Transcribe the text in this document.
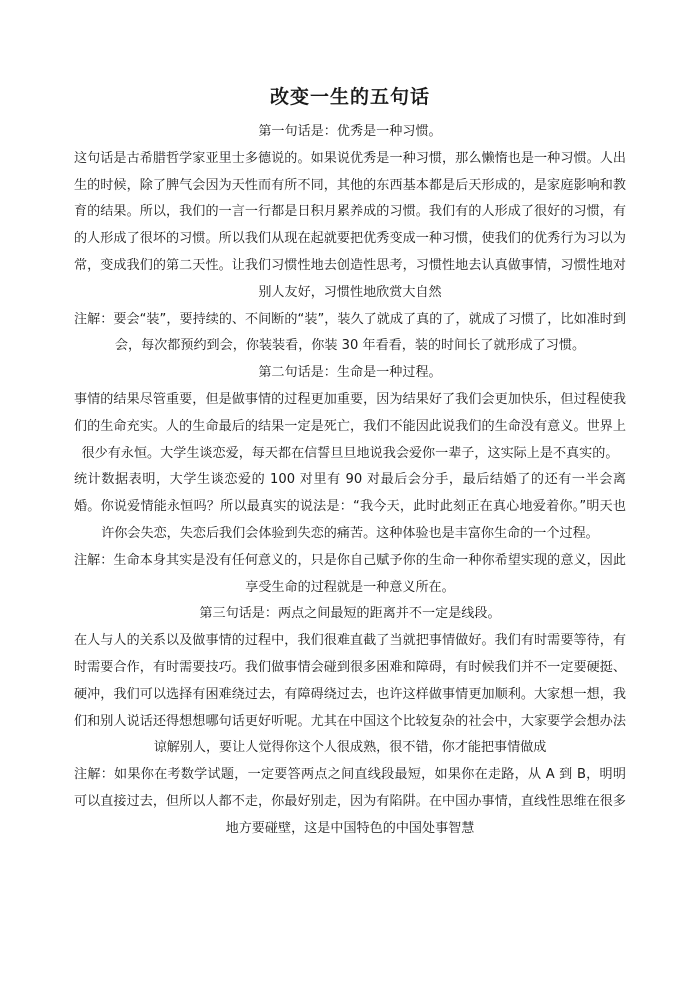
改变一生的五句话
第一句话是：优秀是一种习惯。
这句话是古希腊哲学家亚里士多德说的。如果说优秀是一种习惯，那么懒惰也是一种习惯。人出生的时候，除了脾气会因为天性而有所不同，其他的东西基本都是后天形成的，是家庭影响和教育的结果。所以，我们的一言一行都是日积月累养成的习惯。我们有的人形成了很好的习惯，有的人形成了很坏的习惯。所以我们从现在起就要把优秀变成一种习惯，使我们的优秀行为习以为常，变成我们的第二天性。让我们习惯性地去创造性思考，习惯性地去认真做事情，习惯性地对别人友好，习惯性地欣赏大自然
注解：要会“装”，要持续的、不间断的“装”，装久了就成了真的了，就成了习惯了，比如准时到会，每次都预约到会，你装装看，你装 30 年看看，装的时间长了就形成了习惯。
第二句话是：生命是一种过程。
事情的结果尽管重要，但是做事情的过程更加重要，因为结果好了我们会更加快乐，但过程使我们的生命充实。人的生命最后的结果一定是死亡，我们不能因此说我们的生命没有意义。世界上很少有永恒。大学生谈恋爱，每天都在信誓旦旦地说我会爱你一辈子，这实际上是不真实的。
统计数据表明，大学生谈恋爱的 100 对里有 90 对最后会分手，最后结婚了的还有一半会离婚。你说爱情能永恒吗？所以最真实的说法是：“我今天，此时此刻正在真心地爱着你。”明天也许你会失恋，失恋后我们会体验到失恋的痛苦。这种体验也是丰富你生命的一个过程。
注解：生命本身其实是没有任何意义的，只是你自己赋予你的生命一种你希望实现的意义，因此享受生命的过程就是一种意义所在。
第三句话是：两点之间最短的距离并不一定是线段。
在人与人的关系以及做事情的过程中，我们很难直截了当就把事情做好。我们有时需要等待，有时需要合作，有时需要技巧。我们做事情会碰到很多困难和障碍，有时候我们并不一定要硬挺、硬冲，我们可以选择有困难绕过去，有障碍绕过去，也许这样做事情更加顺利。大家想一想，我们和别人说话还得想想哪句话更好听呢。尤其在中国这个比较复杂的社会中，大家要学会想办法谅解别人，要让人觉得你这个人很成熟，很不错，你才能把事情做成
注解：如果你在考数学试题，一定要答两点之间直线段最短，如果你在走路，从 A 到 B，明明可以直接过去，但所以人都不走，你最好别走，因为有陷阱。在中国办事情，直线性思维在很多地方要碰壁，这是中国特色的中国处事智慧
